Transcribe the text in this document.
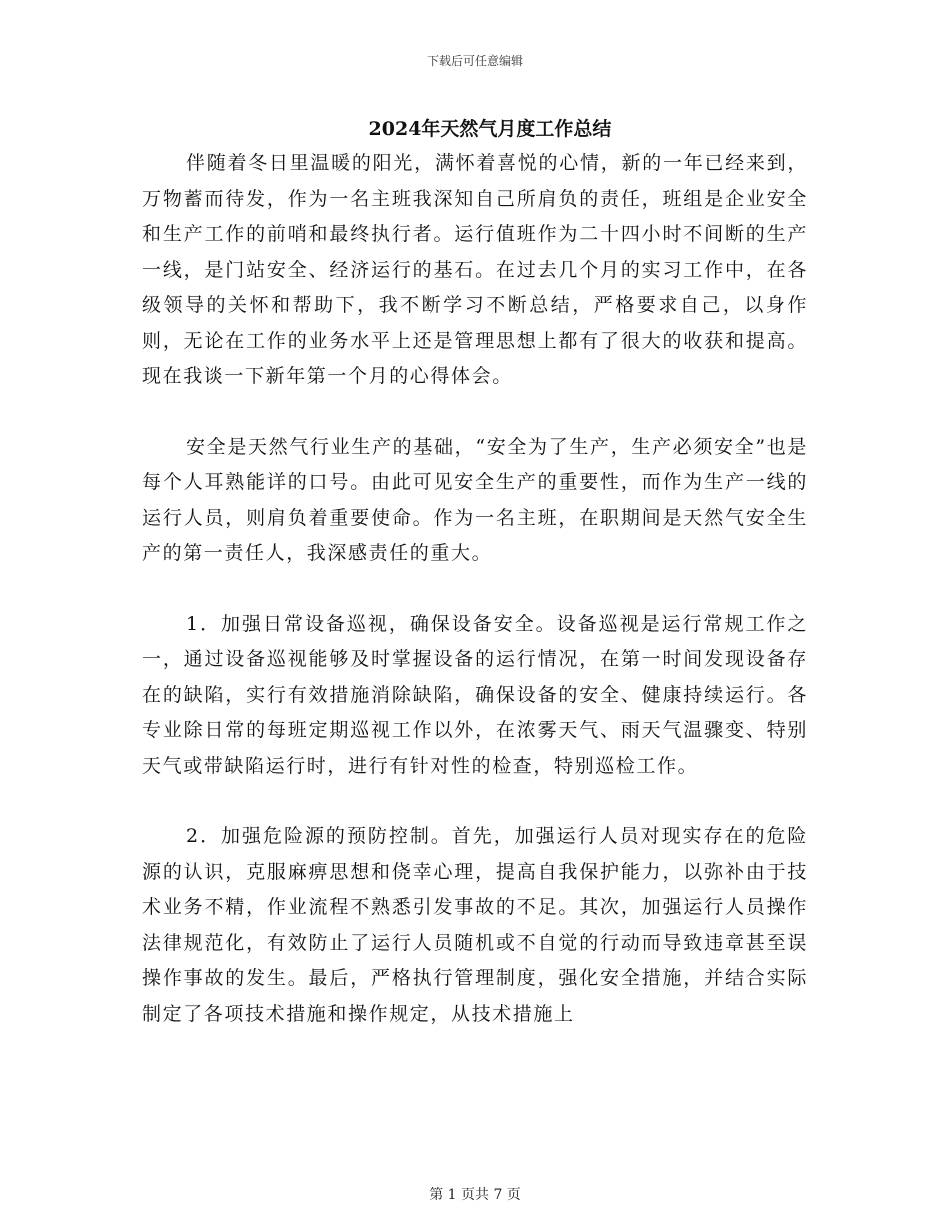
下载后可任意编辑
2024年天然气月度工作总结

伴随着冬日里温暖的阳光，满怀着喜悦的心情，新的一年已经来到，万物蓄而待发，作为一名主班我深知自己所肩负的责任，班组是企业安全和生产工作的前哨和最终执行者。运行值班作为二十四小时不间断的生产一线，是门站安全、经济运行的基石。在过去几个月的实习工作中，在各级领导的关怀和帮助下，我不断学习不断总结，严格要求自己，以身作则，无论在工作的业务水平上还是管理思想上都有了很大的收获和提高。现在我谈一下新年第一个月的心得体会。

安全是天然气行业生产的基础，“安全为了生产，生产必须安全”也是每个人耳熟能详的口号。由此可见安全生产的重要性，而作为生产一线的运行人员，则肩负着重要使命。作为一名主班，在职期间是天然气安全生产的第一责任人，我深感责任的重大。

1．加强日常设备巡视，确保设备安全。设备巡视是运行常规工作之一，通过设备巡视能够及时掌握设备的运行情况，在第一时间发现设备存在的缺陷，实行有效措施消除缺陷，确保设备的安全、健康持续运行。各专业除日常的每班定期巡视工作以外，在浓雾天气、雨天气温骤变、特别天气或带缺陷运行时，进行有针对性的检查，特别巡检工作。

2．加强危险源的预防控制。首先，加强运行人员对现实存在的危险源的认识，克服麻痹思想和侥幸心理，提高自我保护能力，以弥补由于技术业务不精，作业流程不熟悉引发事故的不足。其次，加强运行人员操作法律规范化，有效防止了运行人员随机或不自觉的行动而导致违章甚至误操作事故的发生。最后，严格执行管理制度，强化安全措施，并结合实际制定了各项技术措施和操作规定，从技术措施上

第 1 页共 7 页
